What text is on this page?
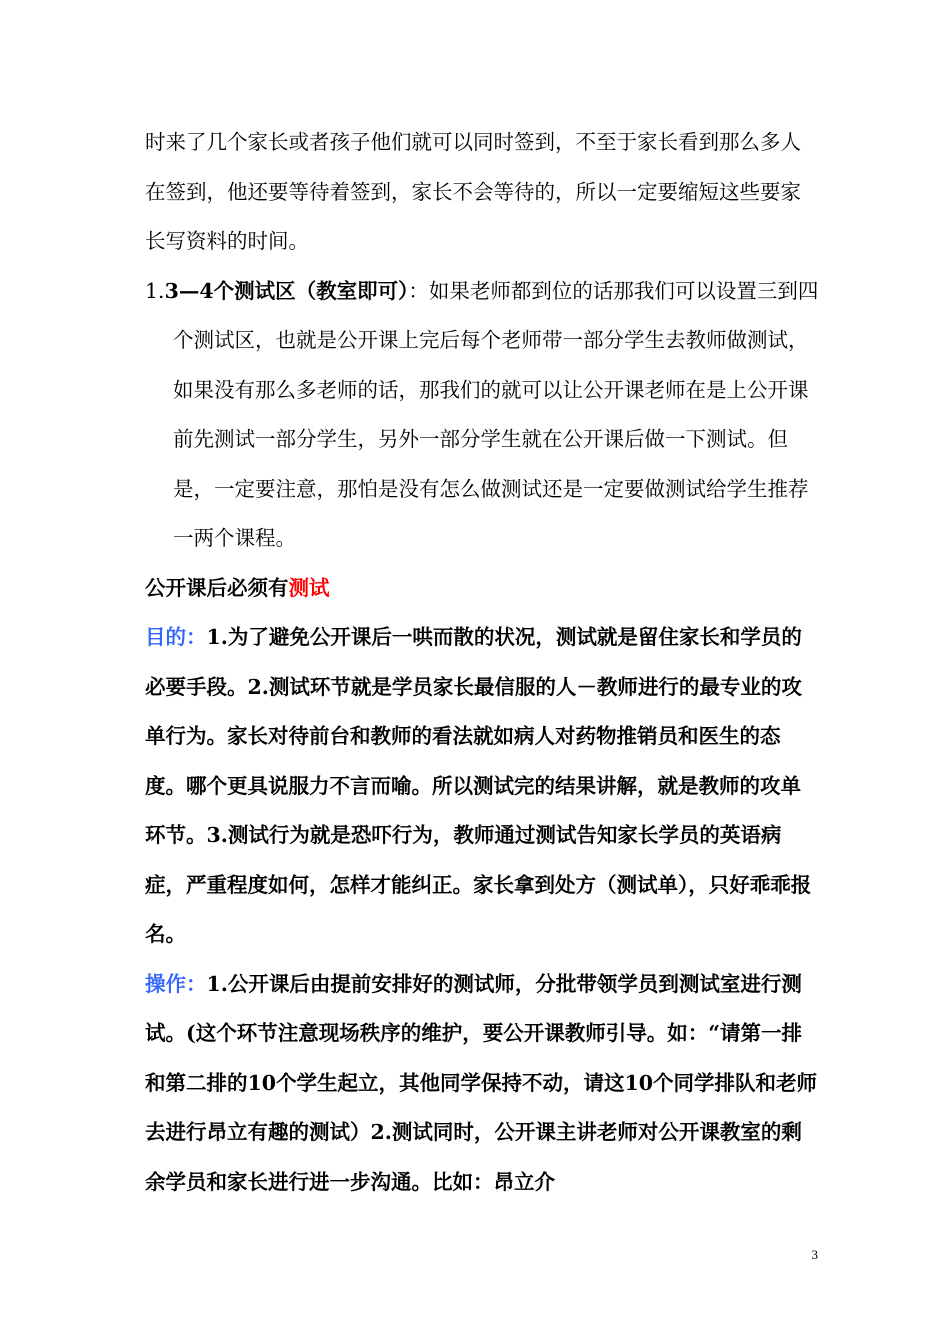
时来了几个家长或者孩子他们就可以同时签到，不至于家长看到那么多人在签到，他还要等待着签到，家长不会等待的，所以一定要缩短这些要家长写资料的时间。

1.3—4个测试区（教室即可）：如果老师都到位的话那我们可以设置三到四个测试区，也就是公开课上完后每个老师带一部分学生去教师做测试，如果没有那么多老师的话，那我们的就可以让公开课老师在是上公开课前先测试一部分学生，另外一部分学生就在公开课后做一下测试。但是，一定要注意，那怕是没有怎么做测试还是一定要做测试给学生推荐一两个课程。

公开课后必须有测试

目的：1.为了避免公开课后一哄而散的状况，测试就是留住家长和学员的必要手段。2.测试环节就是学员家长最信服的人－教师进行的最专业的攻单行为。家长对待前台和教师的看法就如病人对药物推销员和医生的态度。哪个更具说服力不言而喻。所以测试完的结果讲解，就是教师的攻单环节。3.测试行为就是恐吓行为，教师通过测试告知家长学员的英语病症，严重程度如何，怎样才能纠正。家长拿到处方（测试单），只好乖乖报名。

操作：1.公开课后由提前安排好的测试师，分批带领学员到测试室进行测试。(这个环节注意现场秩序的维护，要公开课教师引导。如：“请第一排和第二排的10个学生起立，其他同学保持不动，请这10个同学排队和老师去进行昂立有趣的测试）2.测试同时，公开课主讲老师对公开课教室的剩余学员和家长进行进一步沟通。比如：昂立介

3
